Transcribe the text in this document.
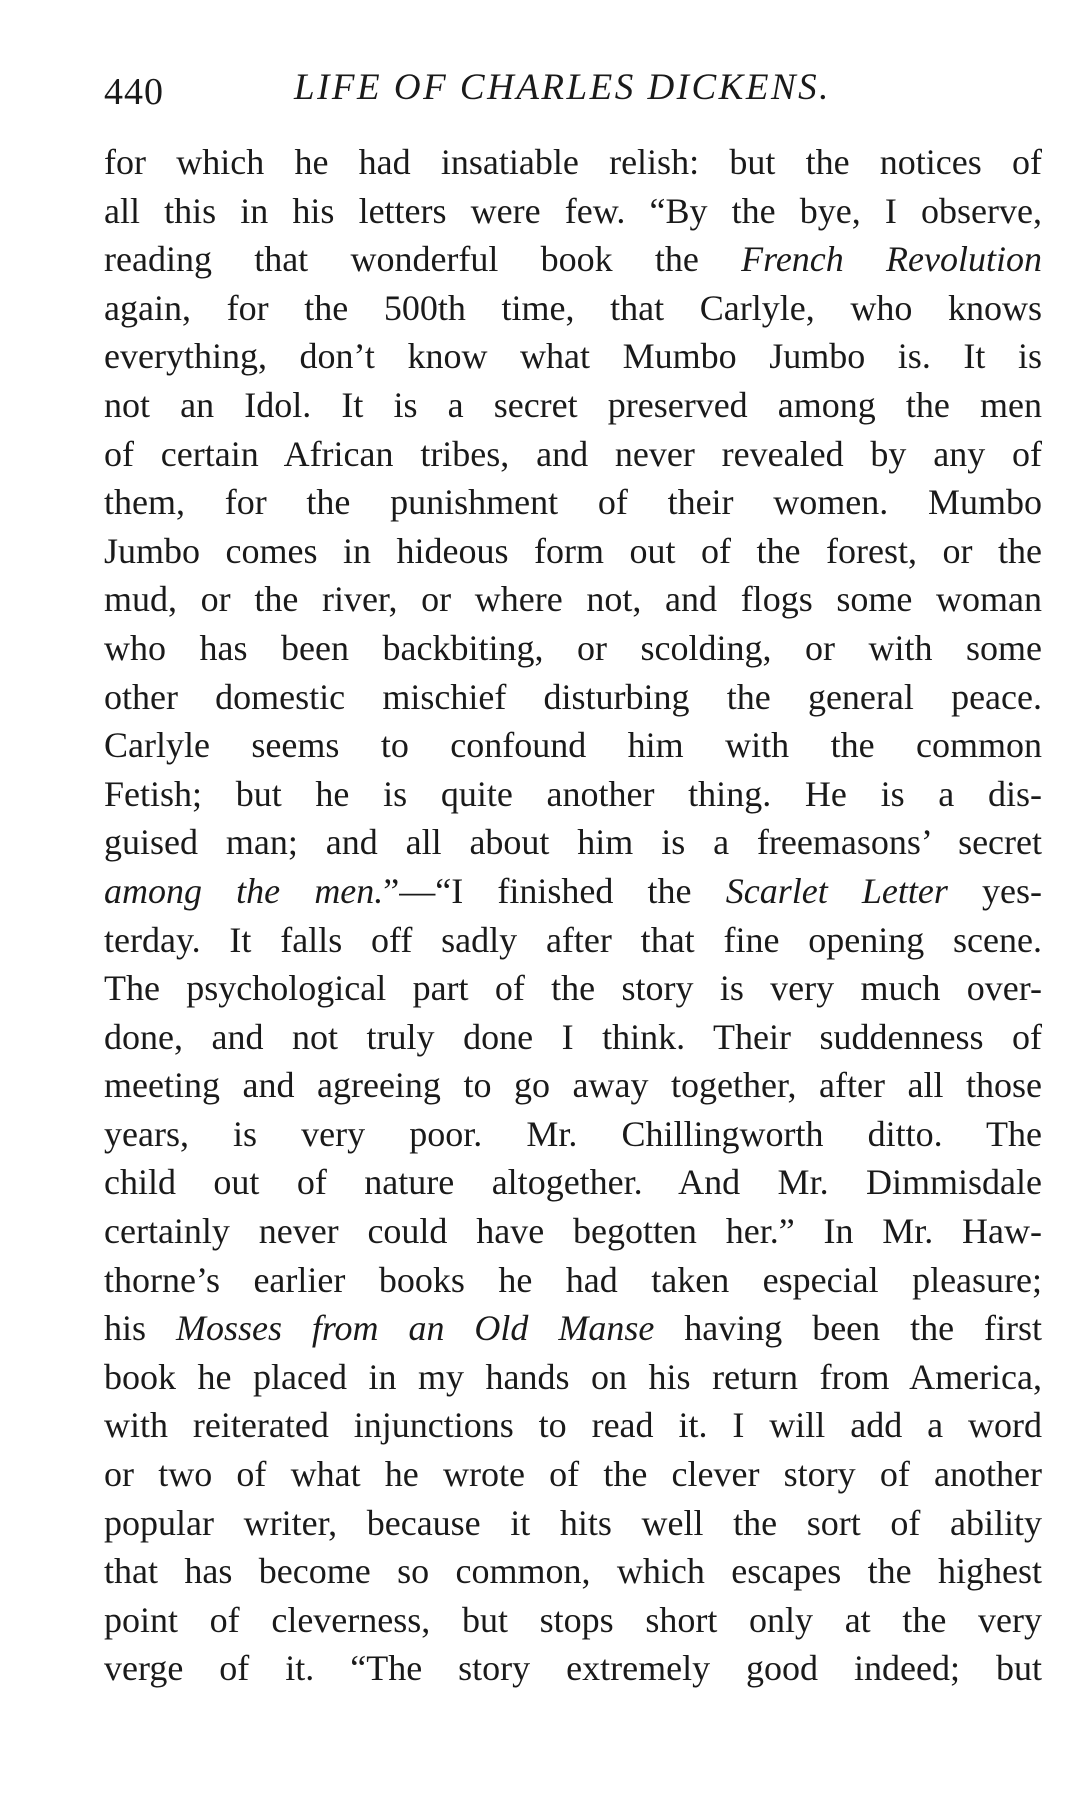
440	LIFE OF CHARLES DICKENS.
for which he had insatiable relish: but the notices of
all this in his letters were few. “By the bye, I observe,
reading that wonderful book the French Revolution
again, for the 500th time, that Carlyle, who knows
everything, don’t know what Mumbo Jumbo is. It is
not an Idol. It is a secret preserved among the men
of certain African tribes, and never revealed by any of
them, for the punishment of their women. Mumbo
Jumbo comes in hideous form out of the forest, or the
mud, or the river, or where not, and flogs some woman
who has been backbiting, or scolding, or with some
other domestic mischief disturbing the general peace.
Carlyle seems to confound him with the common
Fetish; but he is quite another thing. He is a dis-
guised man; and all about him is a freemasons’ secret
among the men.”—“I finished the Scarlet Letter yes-
terday. It falls off sadly after that fine opening scene.
The psychological part of the story is very much over-
done, and not truly done I think. Their suddenness of
meeting and agreeing to go away together, after all those
years, is very poor. Mr. Chillingworth ditto. The
child out of nature altogether. And Mr. Dimmisdale
certainly never could have begotten her.” In Mr. Haw-
thorne’s earlier books he had taken especial pleasure;
his Mosses from an Old Manse having been the first
book he placed in my hands on his return from America,
with reiterated injunctions to read it. I will add a word
or two of what he wrote of the clever story of another
popular writer, because it hits well the sort of ability
that has become so common, which escapes the highest
point of cleverness, but stops short only at the very
verge of it. “The story extremely good indeed; but
